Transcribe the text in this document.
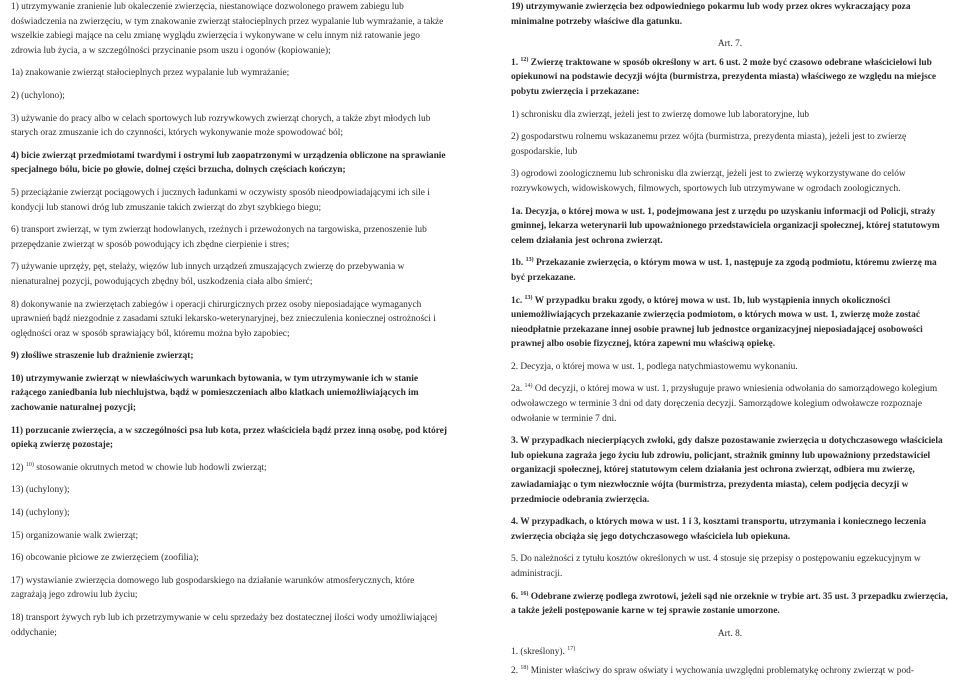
1) utrzymywanie zranienie lub okaleczenie zwierzęcia, niestanowiące dozwolonego prawem zabiegu lub doświadczenia na zwierzęciu, w tym znakowanie zwierząt stałocieplnych przez wypalanie lub wymrażanie, a także wszelkie zabiegi mające na celu zmianę wyglądu zwierzęcia i wykonywane w celu innym niż ratowanie jego zdrowia lub życia, a w szczególności przycinanie psom uszu i ogonów (kopiowanie);

1a) znakowanie zwierząt stałocieplnych przez wypalanie lub wymrażanie;

2) (uchylono);

3) używanie do pracy albo w celach sportowych lub rozrywkowych zwierząt chorych, a także zbyt młodych lub starych oraz zmuszanie ich do czynności, których wykonywanie może spowodować ból;

4) bicie zwierząt przedmiotami twardymi i ostrymi lub zaopatrzonymi w urządzenia obliczone na sprawianie specjalnego bólu, bicie po głowie, dolnej części brzucha, dolnych częściach kończyn;

5) przeciążanie zwierząt pociągowych i jucznych ładunkami w oczywisty sposób nieodpowiadającymi ich sile i kondycji lub stanowi dróg lub zmuszanie takich zwierząt do zbyt szybkiego biegu;

6) transport zwierząt, w tym zwierząt hodowlanych, rzeźnych i przewożonych na targowiska, przenoszenie lub przepędzanie zwierząt w sposób powodujący ich zbędne cierpienie i stres;

7) używanie uprzęży, pęt, stelaży, więzów lub innych urządzeń zmuszających zwierzę do przebywania w nienaturalnej pozycji, powodujących zbędny ból, uszkodzenia ciała albo śmierć;

8) dokonywanie na zwierzętach zabiegów i operacji chirurgicznych przez osoby nieposiadające wymaganych uprawnień bądź niezgodnie z zasadami sztuki lekarsko-weterynaryjnej, bez znieczulenia koniecznej ostrożności i oględności oraz w sposób sprawiający ból, któremu można było zapobiec;

9) złośliwe straszenie lub drażnienie zwierząt;

10) utrzymywanie zwierząt w niewłaściwych warunkach bytowania, w tym utrzymywanie ich w stanie rażącego zaniedbania lub niechlujstwa, bądź w pomieszczeniach albo klatkach uniemożliwiających im zachowanie naturalnej pozycji;

11) porzucanie zwierzęcia, a w szczególności psa lub kota, przez właściciela bądź przez inną osobę, pod której opieką zwierzę pozostaje;

12) $^{10)}$ stosowanie okrutnych metod w chowie lub hodowli zwierząt;

13) (uchylony);

14) (uchylony);

15) organizowanie walk zwierząt;

16) obcowanie płciowe ze zwierzęciem (zoofilia);

17) wystawianie zwierzęcia domowego lub gospodarskiego na działanie warunków atmosferycznych, które zagrażają jego zdrowiu lub życiu;

18) transport żywych ryb lub ich przetrzymywanie w celu sprzedaży bez dostatecznej ilości wody umożliwiającej oddychanie;

19) utrzymywanie zwierzęcia bez odpowiedniego pokarmu lub wody przez okres wykraczający poza minimalne potrzeby właściwe dla gatunku.

Art. 7.

1. $^{12)}$ Zwierzę traktowane w sposób określony w art. 6 ust. 2 może być czasowo odebrane właścicielowi lub opiekunowi na podstawie decyzji wójta (burmistrza, prezydenta miasta) właściwego ze względu na miejsce pobytu zwierzęcia i przekazane:

1) schronisku dla zwierząt, jeżeli jest to zwierzę domowe lub laboratoryjne, lub

2) gospodarstwu rolnemu wskazanemu przez wójta (burmistrza, prezydenta miasta), jeżeli jest to zwierzę gospodarskie, lub

3) ogrodowi zoologicznemu lub schronisku dla zwierząt, jeżeli jest to zwierzę wykorzystywane do celów rozrywkowych, widowiskowych, filmowych, sportowych lub utrzymywane w ogrodach zoologicznych.

1a. Decyzja, o której mowa w ust. 1, podejmowana jest z urzędu po uzyskaniu informacji od Policji, straży gminnej, lekarza weterynarii lub upoważnionego przedstawiciela organizacji społecznej, której statutowym celem działania jest ochrona zwierząt.

1b. $^{13)}$ Przekazanie zwierzęcia, o którym mowa w ust. 1, następuje za zgodą podmiotu, któremu zwierzę ma być przekazane.

1c. $^{13)}$ W przypadku braku zgody, o której mowa w ust. 1b, lub wystąpienia innych okoliczności uniemożliwiających przekazanie zwierzęcia podmiotom, o których mowa w ust. 1, zwierzę może zostać nieodpłatnie przekazane innej osobie prawnej lub jednostce organizacyjnej nieposiadającej osobowości prawnej albo osobie fizycznej, która zapewni mu właściwą opiekę.

2. Decyzja, o której mowa w ust. 1, podlega natychmiastowemu wykonaniu.

2a. $^{14)}$ Od decyzji, o której mowa w ust. 1, przysługuje prawo wniesienia odwołania do samorządowego kolegium odwoławczego w terminie 3 dni od daty doręczenia decyzji. Samorządowe kolegium odwoławcze rozpoznaje odwołanie w terminie 7 dni.

3. W przypadkach niecierpiących zwłoki, gdy dalsze pozostawanie zwierzęcia u dotychczasowego właściciela lub opiekuna zagraża jego życiu lub zdrowiu, policjant, strażnik gminny lub upoważniony przedstawiciel organizacji społecznej, której statutowym celem działania jest ochrona zwierząt, odbiera mu zwierzę, zawiadamiając o tym niezwłocznie wójta (burmistrza, prezydenta miasta), celem podjęcia decyzji w przedmiocie odebrania zwierzęcia.

4. W przypadkach, o których mowa w ust. 1 i 3, kosztami transportu, utrzymania i koniecznego leczenia zwierzęcia obciąża się jego dotychczasowego właściciela lub opiekuna.

5. Do należności z tytułu kosztów określonych w ust. 4 stosuje się przepisy o postępowaniu egzekucyjnym w administracji.

6. $^{16)}$ Odebrane zwierzę podlega zwrotowi, jeżeli sąd nie orzeknie w trybie art. 35 ust. 3 przepadku zwierzęcia, a także jeżeli postępowanie karne w tej sprawie zostanie umorzone.

Art. 8.

1. (skreślony). $^{17)}$

2. $^{18)}$ Minister właściwy do spraw oświaty i wychowania uwzględni problematykę ochrony zwierząt w pod-
